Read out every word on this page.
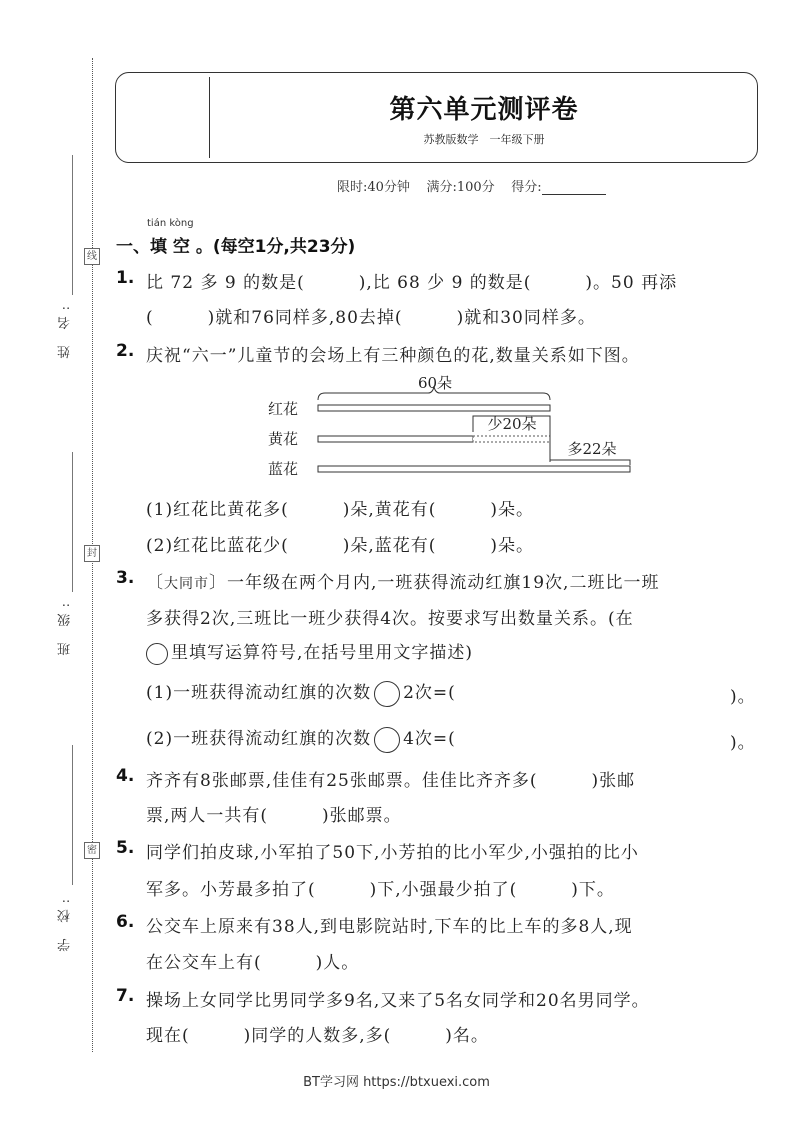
线
封
密
姓 名:
班 级:
学 校:
第六单元测评卷
苏教版数学　一年级下册
限时:40分钟 满分:100分 得分:
tián kòng
一、填 空 。(每空1分,共23分)
1. 比 72 多 9 的数是(　　　),比 68 少 9 的数是(　　　)。50 再添
(　　　)就和76同样多,80去掉(　　　)就和30同样多。
2. 庆祝“六一”儿童节的会场上有三种颜色的花,数量关系如下图。
60朵
红花
黄花
少20朵
蓝花
多22朵
(1)红花比黄花多(　　　)朵,黄花有(　　　)朵。
(2)红花比蓝花少(　　　)朵,蓝花有(　　　)朵。
3. 〔大同市〕一年级在两个月内,一班获得流动红旗19次,二班比一班
多获得2次,三班比一班少获得4次。按要求写出数量关系。(在
里填写运算符号,在括号里用文字描述)
(1)一班获得流动红旗的次数 2次=(	)。
(2)一班获得流动红旗的次数 4次=(	)。
4. 齐齐有8张邮票,佳佳有25张邮票。佳佳比齐齐多(　　　)张邮
票,两人一共有(　　　)张邮票。
5. 同学们拍皮球,小军拍了50下,小芳拍的比小军少,小强拍的比小
军多。小芳最多拍了(　　　)下,小强最少拍了(　　　)下。
6. 公交车上原来有38人,到电影院站时,下车的比上车的多8人,现
在公交车上有(　　　)人。
7. 操场上女同学比男同学多9名,又来了5名女同学和20名男同学。
现在(　　　)同学的人数多,多(　　　)名。
BT学习网 https://btxuexi.com
